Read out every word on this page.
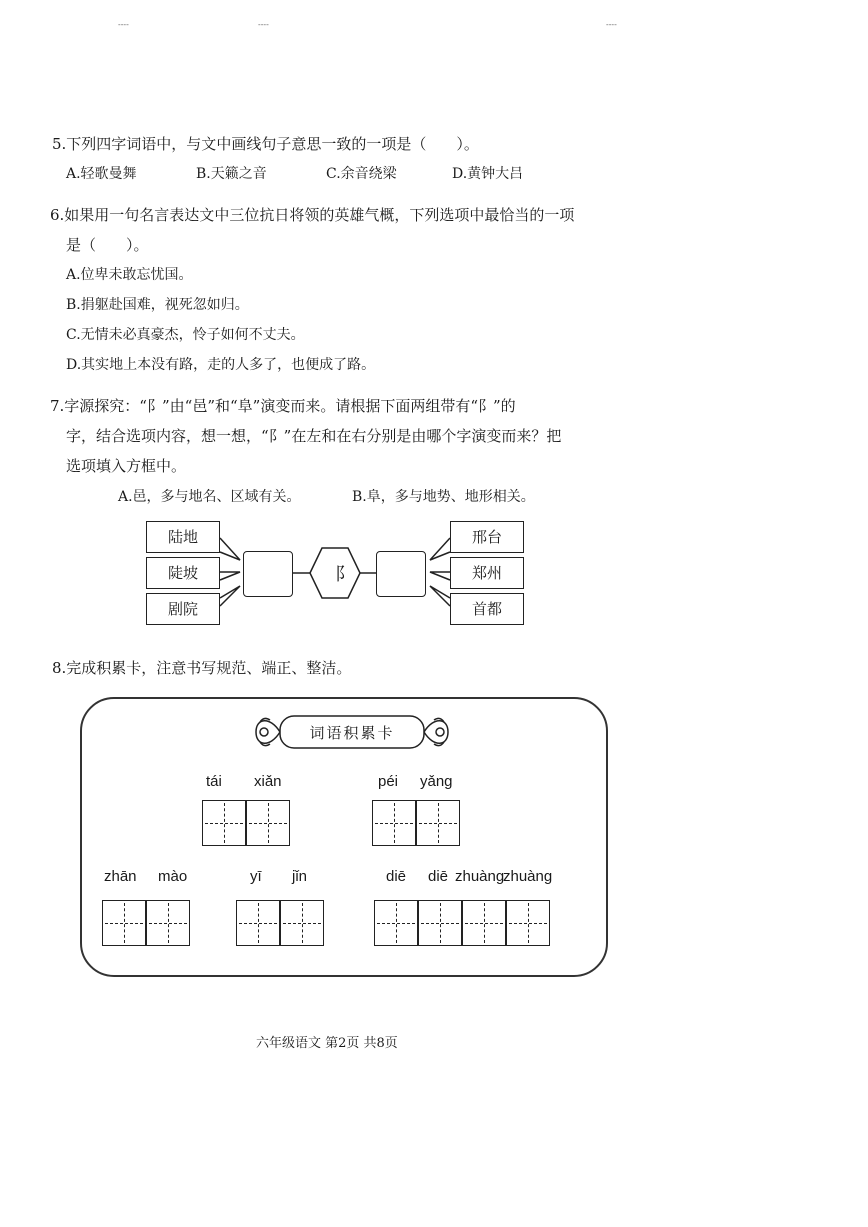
----	----	----
5.下列四字词语中，与文中画线句子意思一致的一项是（　　）。
A.轻歌曼舞	B.天籁之音	C.余音绕梁	D.黄钟大吕
6.如果用一句名言表达文中三位抗日将领的英雄气概，下列选项中最恰当的一项
是（　　）。
A.位卑未敢忘忧国。
B.捐躯赴国难，视死忽如归。
C.无情未必真豪杰，怜子如何不丈夫。
D.其实地上本没有路，走的人多了，也便成了路。
7.字源探究：“阝”由“邑”和“阜”演变而来。请根据下面两组带有“阝”的
字，结合选项内容，想一想，“阝”在左和在右分别是由哪个字演变而来？把
选项填入方框中。
A.邑，多与地名、区域有关。	B.阜，多与地势、地形相关。
陆地
陡坡
剧院
阝
邢台
郑州
首都
8.完成积累卡，注意书写规范、端正、整洁。
词语积累卡
tái xiǎn	péi yǎng
zhān mào	yī jǐn	diē diē zhuàng
zhuàng
六年级语文 第2页 共8页
